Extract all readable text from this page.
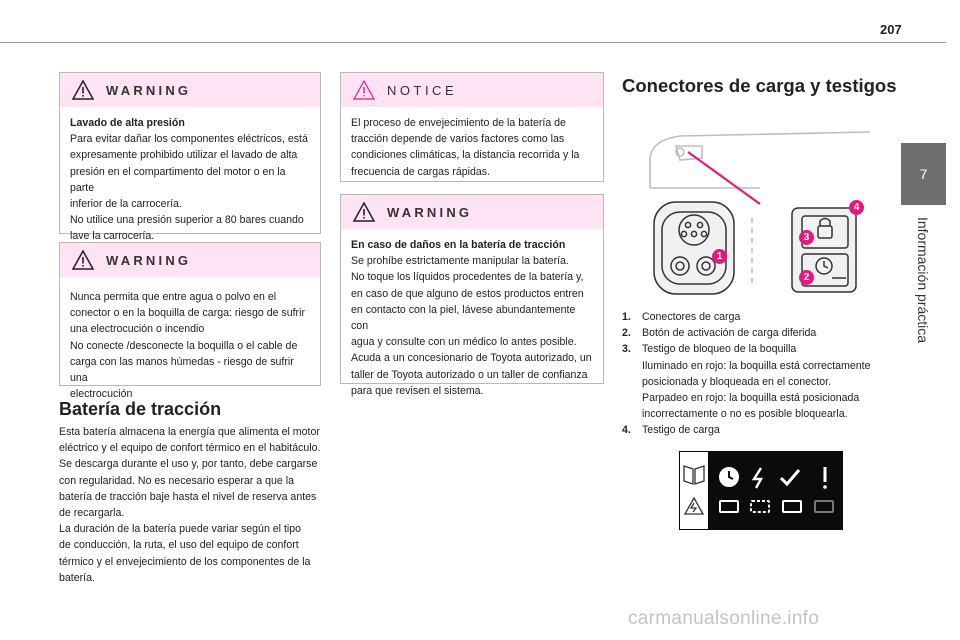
207
7
Información práctica
WARNING
Lavado de alta presión
Para evitar dañar los componentes eléctricos, está
expresamente prohibido utilizar el lavado de alta
presión en el compartimento del motor o en la parte
inferior de la carrocería.
No utilice una presión superior a 80 bares cuando
lave la carrocería.
WARNING
Nunca permita que entre agua o polvo en el
conector o en la boquilla de carga: riesgo de sufrir
una electrocución o incendio
No conecte /desconecte la boquilla o el cable de
carga con las manos húmedas - riesgo de sufrir una
electrocución
Batería de tracción
Esta batería almacena la energía que alimenta el motor
eléctrico y el equipo de confort térmico en el habitáculo.
Se descarga durante el uso y, por tanto, debe cargarse
con regularidad. No es necesario esperar a que la
batería de tracción baje hasta el nivel de reserva antes
de recargarla.
La duración de la batería puede variar según el tipo
de conducción, la ruta, el uso del equipo de confort
térmico y el envejecimiento de los componentes de la
batería.
NOTICE
El proceso de envejecimiento de la batería de
tracción depende de varios factores como las
condiciones climáticas, la distancia recorrida y la
frecuencia de cargas rápidas.
WARNING
En caso de daños en la batería de tracción
Se prohíbe estrictamente manipular la batería.
No toque los líquidos procedentes de la batería y,
en caso de que alguno de estos productos entren
en contacto con la piel, lávese abundantemente con
agua y consulte con un médico lo antes posible.
Acuda a un concesionario de Toyota autorizado, un
taller de Toyota autorizado o un taller de confianza
para que revisen el sistema.
Conectores de carga y testigos
1
2
3
4
1.	Conectores de carga
2.	Botón de activación de carga diferida
3.	Testigo de bloqueo de la boquilla
Iluminado en rojo: la boquilla está correctamente
posicionada y bloqueada en el conector.
Parpadeo en rojo: la boquilla está posicionada
incorrectamente o no es posible bloquearla.
4.	Testigo de carga
carmanualsonline.info
